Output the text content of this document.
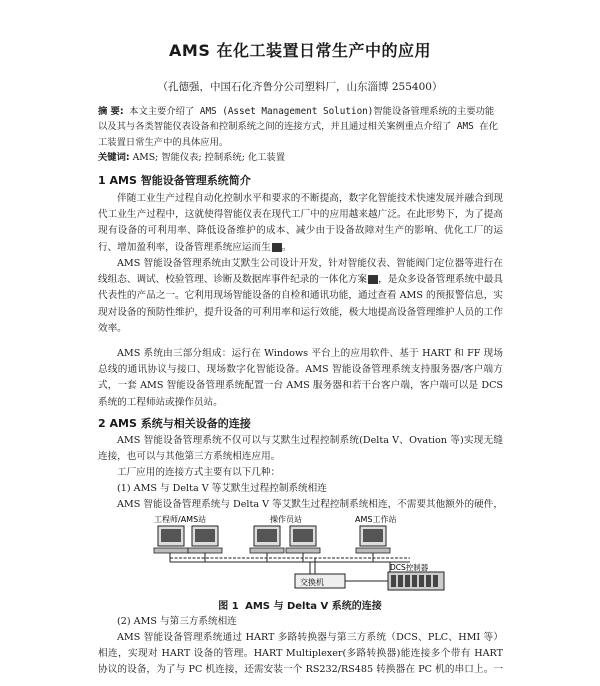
AMS 在化工装置日常生产中的应用
（孔德强，中国石化齐鲁分公司塑料厂，山东淄博 255400）
摘 要: 本文主要介绍了 AMS (Asset Management Solution)智能设备管理系统的主要功能以及其与各类智能仪表设备和控制系统之间的连接方式，并且通过相关案例重点介绍了 AMS 在化工装置日常生产中的具体应用。
关键词: AMS; 智能仪表; 控制系统; 化工装置
1 AMS 智能设备管理系统简介
伴随工业生产过程自动化控制水平和要求的不断提高，数字化智能技术快速发展并融合到现代工业生产过程中，这就使得智能仪表在现代工厂中的应用越来越广泛。在此形势下，为了提高现有设备的可利用率、降低设备维护的成本、减少由于设备故障对生产的影响、优化工厂的运行、增加盈利率，设备管理系统应运而生 。
AMS 智能设备管理系统由艾默生公司设计开发，针对智能仪表、智能阀门定位器等进行在线组态、调试、校验管理、诊断及数据库事件纪录的一体化方案 ，是众多设备管理系统中最具代表性的产品之一。它利用现场智能设备的自检和通讯功能，通过查看 AMS 的预报警信息，实现对设备的预防性维护，提升设备的可利用率和运行效能，极大地提高设备管理维护人员的工作效率。
AMS 系统由三部分组成：运行在 Windows 平台上的应用软件、基于 HART 和 FF 现场总线的通讯协议与接口、现场数字化智能设备。AMS 智能设备管理系统支持服务器/客户端方式，一套 AMS 智能设备管理系统配置一台 AMS 服务器和若干台客户端，客户端可以是 DCS 系统的工程师站或操作员站。
2 AMS 系统与相关设备的连接
AMS 智能设备管理系统不仅可以与艾默生过程控制系统(Delta V、Ovation 等)实现无缝连接，也可以与其他第三方系统相连应用。
工厂应用的连接方式主要有以下几种：
(1) AMS 与 Delta V 等艾默生过程控制系统相连
AMS 智能设备管理系统与 Delta V 等艾默生过程控制系统相连，不需要其他额外的硬件，
工程师/AMS站	操作员站	AMS工作站
交换机
DCS控制器
图 1 AMS 与 Delta V 系统的连接
(2) AMS 与第三方系统相连
AMS 智能设备管理系统通过 HART 多路转换器与第三方系统（DCS、PLC、HMI 等）相连，实现对 HART 设备的管理。HART Multiplexer(多路转换器)能连接多个带有 HART 协议的设备，为了与 PC 机连接，还需安装一个 RS232/RS485 转换器在 PC 机的串口上。一
